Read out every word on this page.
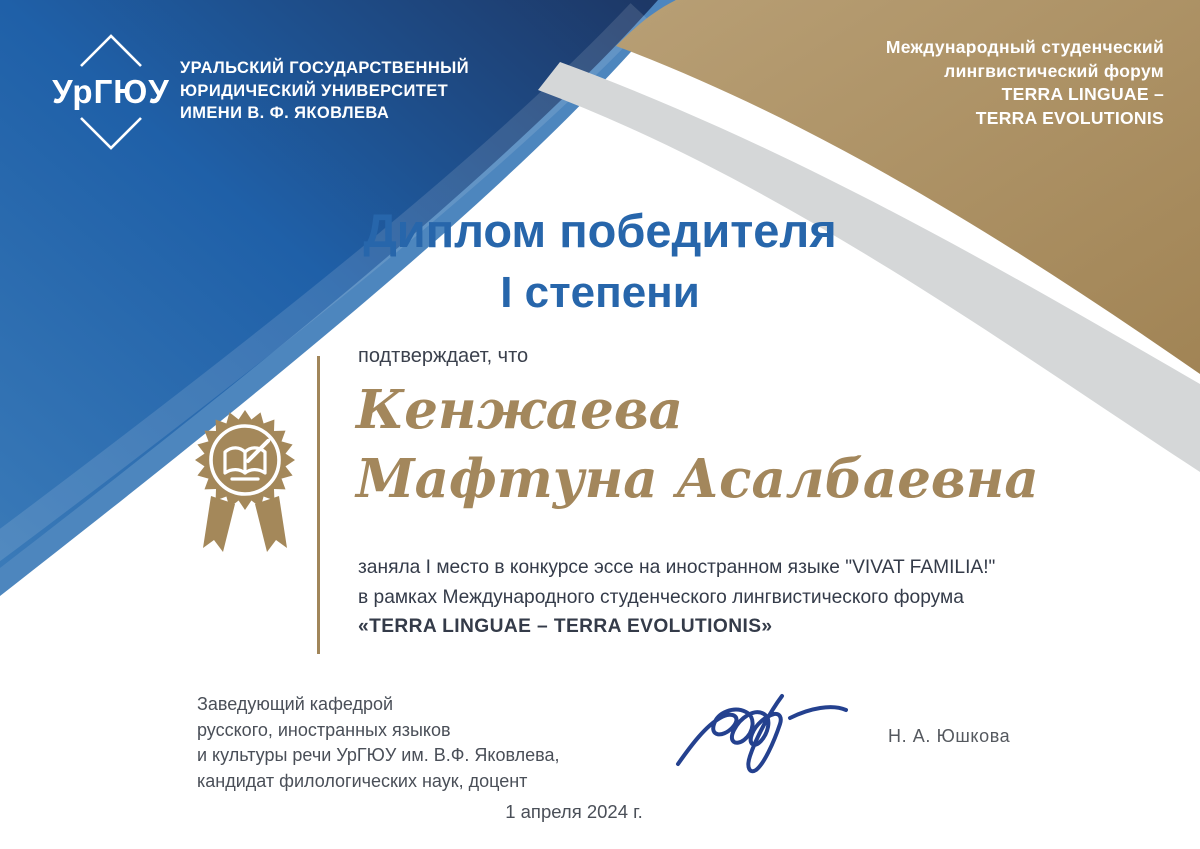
УрГЮУ
УРАЛЬСКИЙ ГОСУДАРСТВЕННЫЙ
ЮРИДИЧЕСКИЙ УНИВЕРСИТЕТ
ИМЕНИ В. Ф. ЯКОВЛЕВА
Международный студенческий
лингвистический форум
TERRA LINGUAE –
TERRA EVOLUTIONIS
Диплом победителя
I степени
подтверждает, что
Кенжаева
Мафтуна Асалбаевна
заняла I место в конкурсе эссе на иностранном языке "VIVAT FAMILIA!"
в рамках Международного студенческого лингвистического форума
«TERRA LINGUAE – TERRA EVOLUTIONIS»
Заведующий кафедрой
русского, иностранных языков
и культуры речи УрГЮУ им. В.Ф. Яковлева,
кандидат филологических наук, доцент
Н. А. Юшкова
1 апреля 2024 г.
